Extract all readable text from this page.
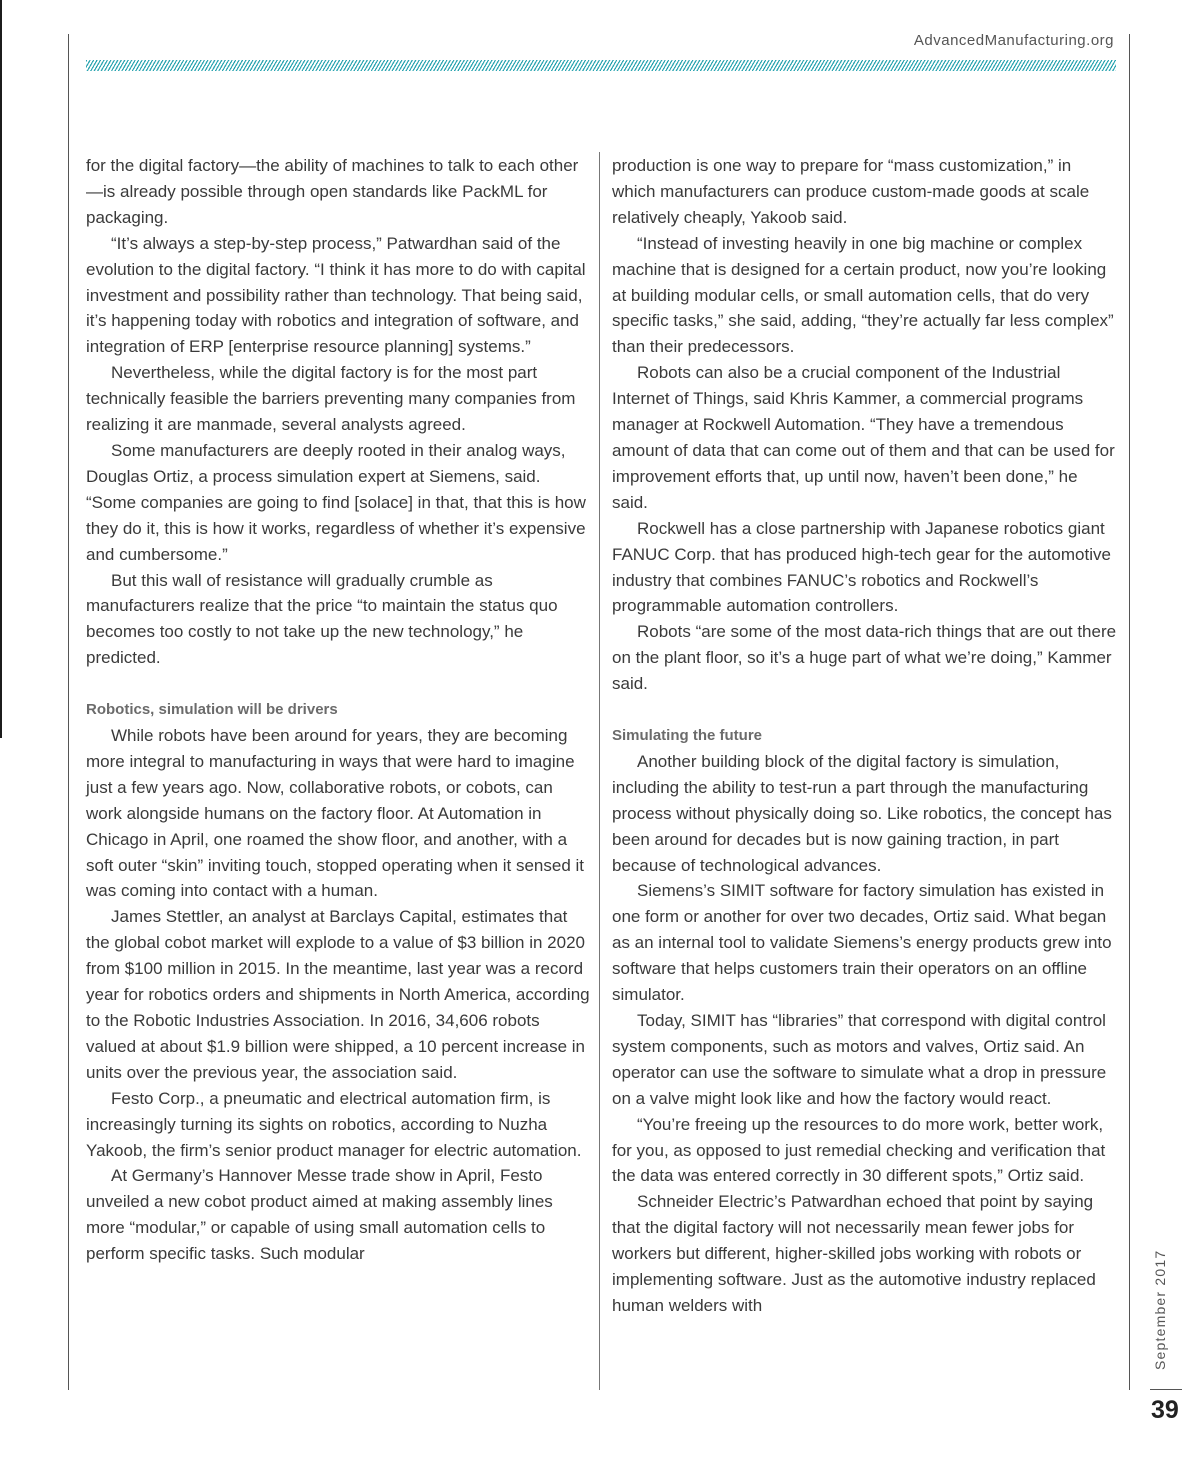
AdvancedManufacturing.org

for the digital factory—the ability of machines to talk to each other—is already possible through open standards like PackML for packaging.

“It’s always a step-by-step process,” Patwardhan said of the evolution to the digital factory. “I think it has more to do with capital investment and possibility rather than technology. That being said, it’s happening today with robotics and integration of software, and integration of ERP [enterprise resource planning] systems.”

Nevertheless, while the digital factory is for the most part technically feasible the barriers preventing many companies from realizing it are manmade, several analysts agreed.

Some manufacturers are deeply rooted in their analog ways, Douglas Ortiz, a process simulation expert at Siemens, said. “Some companies are going to find [solace] in that, that this is how they do it, this is how it works, regardless of whether it’s expensive and cumbersome.”

But this wall of resistance will gradually crumble as manufacturers realize that the price “to maintain the status quo becomes too costly to not take up the new technology,” he predicted.

Robotics, simulation will be drivers

While robots have been around for years, they are becoming more integral to manufacturing in ways that were hard to imagine just a few years ago. Now, collaborative robots, or cobots, can work alongside humans on the factory floor. At Automation in Chicago in April, one roamed the show floor, and another, with a soft outer “skin” inviting touch, stopped operating when it sensed it was coming into contact with a human.

James Stettler, an analyst at Barclays Capital, estimates that the global cobot market will explode to a value of $3 billion in 2020 from $100 million in 2015. In the meantime, last year was a record year for robotics orders and shipments in North America, according to the Robotic Industries Association. In 2016, 34,606 robots valued at about $1.9 billion were shipped, a 10 percent increase in units over the previous year, the association said.

Festo Corp., a pneumatic and electrical automation firm, is increasingly turning its sights on robotics, according to Nuzha Yakoob, the firm’s senior product manager for electric automation.

At Germany’s Hannover Messe trade show in April, Festo unveiled a new cobot product aimed at making assembly lines more “modular,” or capable of using small automation cells to perform specific tasks. Such modular

production is one way to prepare for “mass customization,” in which manufacturers can produce custom-made goods at scale relatively cheaply, Yakoob said.

“Instead of investing heavily in one big machine or complex machine that is designed for a certain product, now you’re looking at building modular cells, or small automation cells, that do very specific tasks,” she said, adding, “they’re actually far less complex” than their predecessors.

Robots can also be a crucial component of the Industrial Internet of Things, said Khris Kammer, a commercial programs manager at Rockwell Automation. “They have a tremendous amount of data that can come out of them and that can be used for improvement efforts that, up until now, haven’t been done,” he said.

Rockwell has a close partnership with Japanese robotics giant FANUC Corp. that has produced high-tech gear for the automotive industry that combines FANUC’s robotics and Rockwell’s programmable automation controllers.

Robots “are some of the most data-rich things that are out there on the plant floor, so it’s a huge part of what we’re doing,” Kammer said.

Simulating the future

Another building block of the digital factory is simulation, including the ability to test-run a part through the manufacturing process without physically doing so. Like robotics, the concept has been around for decades but is now gaining traction, in part because of technological advances.

Siemens’s SIMIT software for factory simulation has existed in one form or another for over two decades, Ortiz said. What began as an internal tool to validate Siemens’s energy products grew into software that helps customers train their operators on an offline simulator.

Today, SIMIT has “libraries” that correspond with digital control system components, such as motors and valves, Ortiz said. An operator can use the software to simulate what a drop in pressure on a valve might look like and how the factory would react.

“You’re freeing up the resources to do more work, better work, for you, as opposed to just remedial checking and verification that the data was entered correctly in 30 different spots,” Ortiz said.

Schneider Electric’s Patwardhan echoed that point by saying that the digital factory will not necessarily mean fewer jobs for workers but different, higher-skilled jobs working with robots or implementing software. Just as the automotive industry replaced human welders with	September 2017
39
